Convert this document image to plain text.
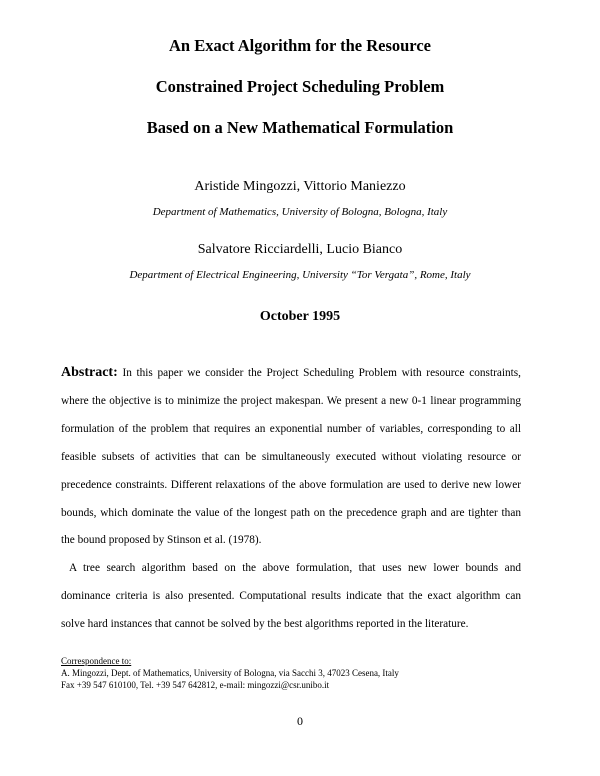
An Exact Algorithm for the Resource
Constrained Project Scheduling Problem
Based on a New Mathematical Formulation
Aristide Mingozzi, Vittorio Maniezzo
Department of Mathematics, University of Bologna, Bologna, Italy
Salvatore Ricciardelli, Lucio Bianco
Department of Electrical Engineering, University “Tor Vergata”, Rome, Italy
October 1995

Abstract: In this paper we consider the Project Scheduling Problem with resource constraints, where the objective is to minimize the project makespan. We present a new 0-1 linear programming formulation of the problem that requires an exponential number of variables, corresponding to all feasible subsets of activities that can be simultaneously executed without violating resource or precedence constraints. Different relaxations of the above formulation are used to derive new lower bounds, which dominate the value of the longest path on the precedence graph and are tighter than the bound proposed by Stinson et al. (1978).

A tree search algorithm based on the above formulation, that uses new lower bounds and dominance criteria is also presented. Computational results indicate that the exact algorithm can solve hard instances that cannot be solved by the best algorithms reported in the literature.

Correspondence to:
A. Mingozzi, Dept. of Mathematics, University of Bologna, via Sacchi 3, 47023 Cesena, Italy
Fax +39 547 610100, Tel. +39 547 642812, e-mail: mingozzi@csr.unibo.it
0
